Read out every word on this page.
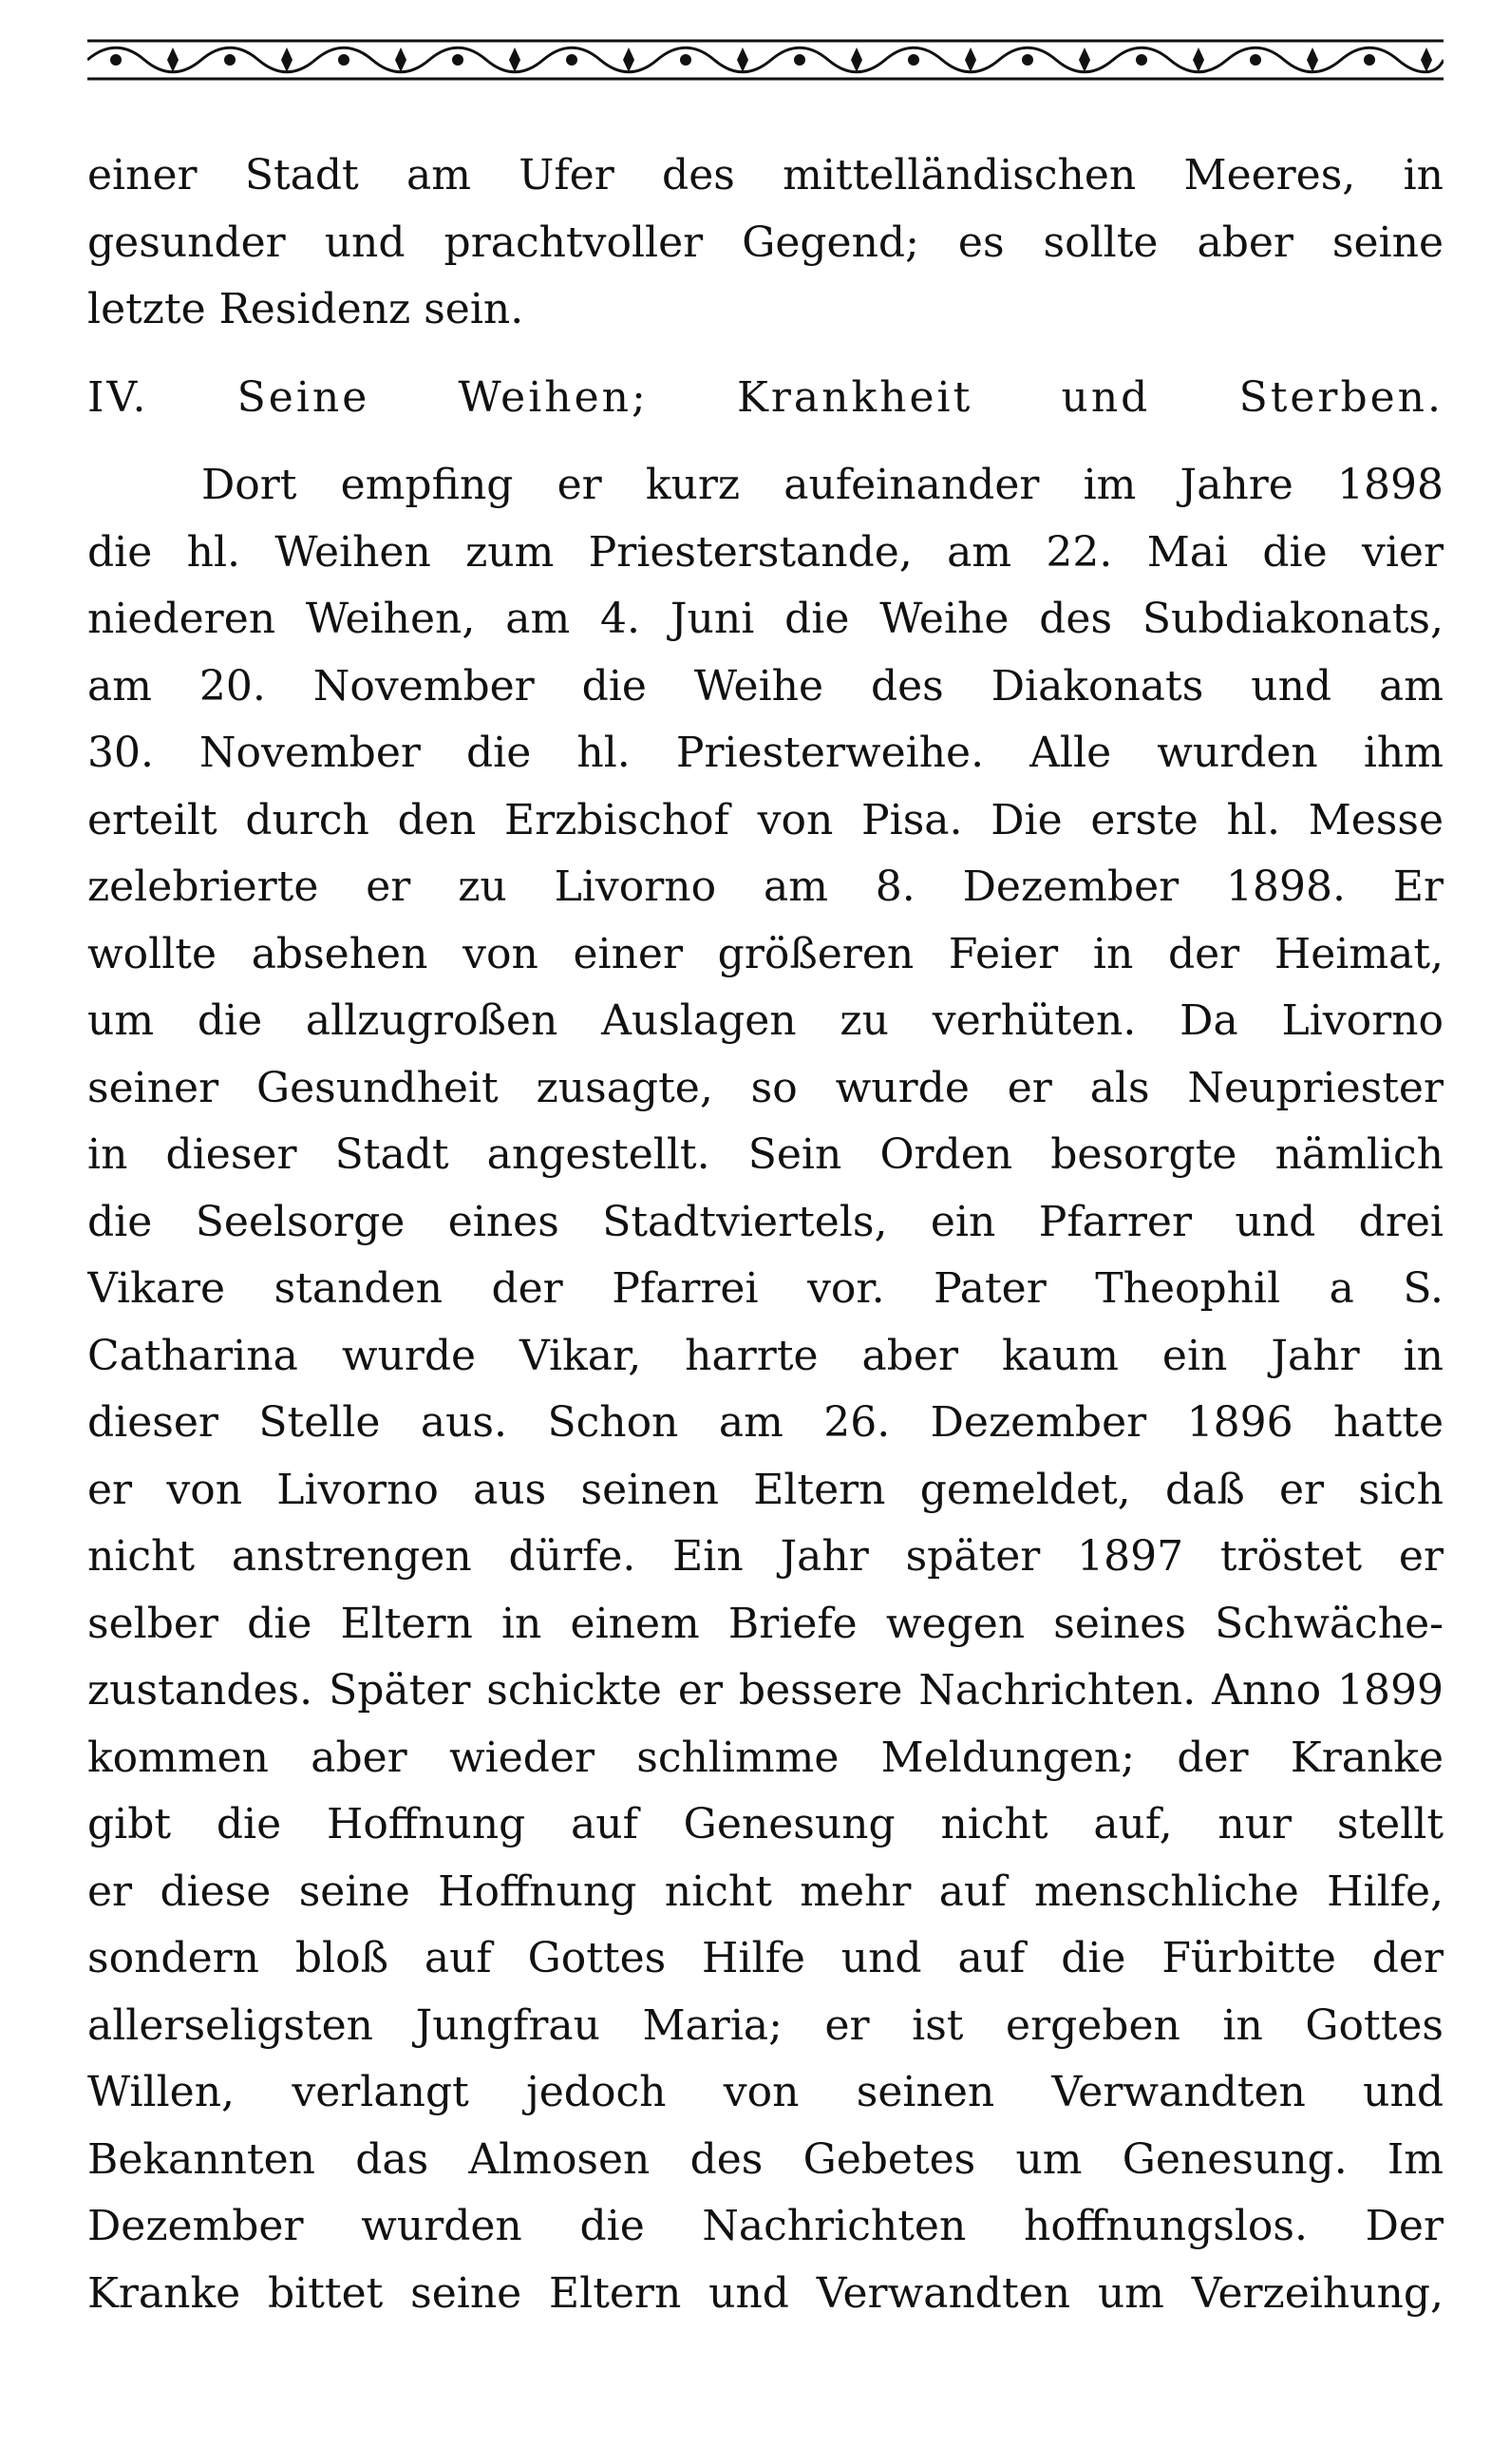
einer Stadt am Ufer des mittelländischen Meeres, in
gesunder und prachtvoller Gegend; es sollte aber seine
letzte Residenz sein.
IV. Seine Weihen; Krankheit und Sterben.
Dort empfing er kurz aufeinander im Jahre 1898
die hl. Weihen zum Priesterstande, am 22. Mai die vier
niederen Weihen, am 4. Juni die Weihe des Subdiakonats,
am 20. November die Weihe des Diakonats und am
30. November die hl. Priesterweihe. Alle wurden ihm
erteilt durch den Erzbischof von Pisa. Die erste hl. Messe
zelebrierte er zu Livorno am 8. Dezember 1898. Er
wollte absehen von einer größeren Feier in der Heimat,
um die allzugroßen Auslagen zu verhüten. Da Livorno
seiner Gesundheit zusagte, so wurde er als Neupriester
in dieser Stadt angestellt. Sein Orden besorgte nämlich
die Seelsorge eines Stadtviertels, ein Pfarrer und drei
Vikare standen der Pfarrei vor. Pater Theophil a S.
Catharina wurde Vikar, harrte aber kaum ein Jahr in
dieser Stelle aus. Schon am 26. Dezember 1896 hatte
er von Livorno aus seinen Eltern gemeldet, daß er sich
nicht anstrengen dürfe. Ein Jahr später 1897 tröstet er
selber die Eltern in einem Briefe wegen seines Schwäche-
zustandes. Später schickte er bessere Nachrichten. Anno 1899
kommen aber wieder schlimme Meldungen; der Kranke
gibt die Hoffnung auf Genesung nicht auf, nur stellt
er diese seine Hoffnung nicht mehr auf menschliche Hilfe,
sondern bloß auf Gottes Hilfe und auf die Fürbitte der
allerseligsten Jungfrau Maria; er ist ergeben in Gottes
Willen, verlangt jedoch von seinen Verwandten und
Bekannten das Almosen des Gebetes um Genesung. Im
Dezember wurden die Nachrichten hoffnungslos. Der
Kranke bittet seine Eltern und Verwandten um Verzeihung,
